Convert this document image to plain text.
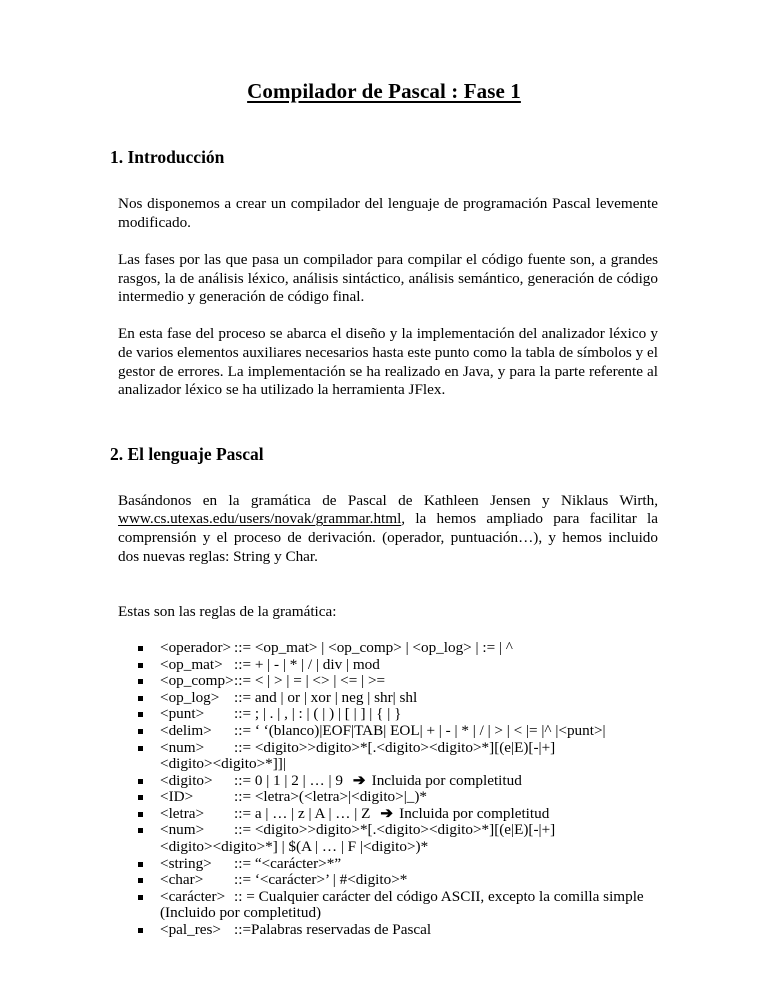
Compilador de Pascal : Fase 1
1. Introducción

Nos disponemos a crear un compilador del lenguaje de programación Pascal levemente modificado.

Las fases por las que pasa un compilador para compilar el código fuente son, a grandes rasgos, la de análisis léxico, análisis sintáctico, análisis semántico, generación de código intermedio y generación de código final.

En esta fase del proceso se abarca el diseño y la implementación del analizador léxico y de varios elementos auxiliares necesarios hasta este punto como la tabla de símbolos y el gestor de errores. La implementación se ha realizado en Java, y para la parte referente al analizador léxico se ha utilizado la herramienta JFlex.

2. El lenguaje Pascal

Basándonos en la gramática de Pascal de Kathleen Jensen y Niklaus Wirth, www.cs.utexas.edu/users/novak/grammar.html, la hemos ampliado para facilitar la comprensión y el proceso de derivación. (operador, puntuación…), y hemos incluido dos nuevas reglas: String y Char.

Estas son las reglas de la gramática:

<operador> ::= <op_mat> | <op_comp> | <op_log> | := | ^
<op_mat> ::= + | - | * | / | div | mod
<op_comp>::= < | > | = | <> | <= | >=
<op_log> ::= and | or | xor | neg | shr| shl
<punt> ::= ; | . | , | : | ( | ) | [ | ] | { | }
<delim> ::= ‘ ‘(blanco)|EOF|TAB| EOL| + | - | * | / | > | < |= |^ |<punt>|
<num> ::= <digito>>digito>*[.<digito><digito>*][(e|E)[-|+]
<digito><digito>*]]|
<digito> ::= 0 | 1 | 2 | … | 9 ➔ Incluida por completitud
<ID>	::= <letra>(<letra>|<digito>|_)*
<letra> ::= a | … | z | A | … | Z ➔ Incluida por completitud
<num> ::= <digito>>digito>*[.<digito><digito>*][(e|E)[-|+]
<digito><digito>*] | $(A | … | F |<digito>)*
<string> ::= “<carácter>*”
<char> ::= ‘<carácter>’ | #<digito>*
<carácter> :: = Cualquier carácter del código ASCII, excepto la comilla simple
(Incluido por completitud)
<pal_res> ::=Palabras reservadas de Pascal
